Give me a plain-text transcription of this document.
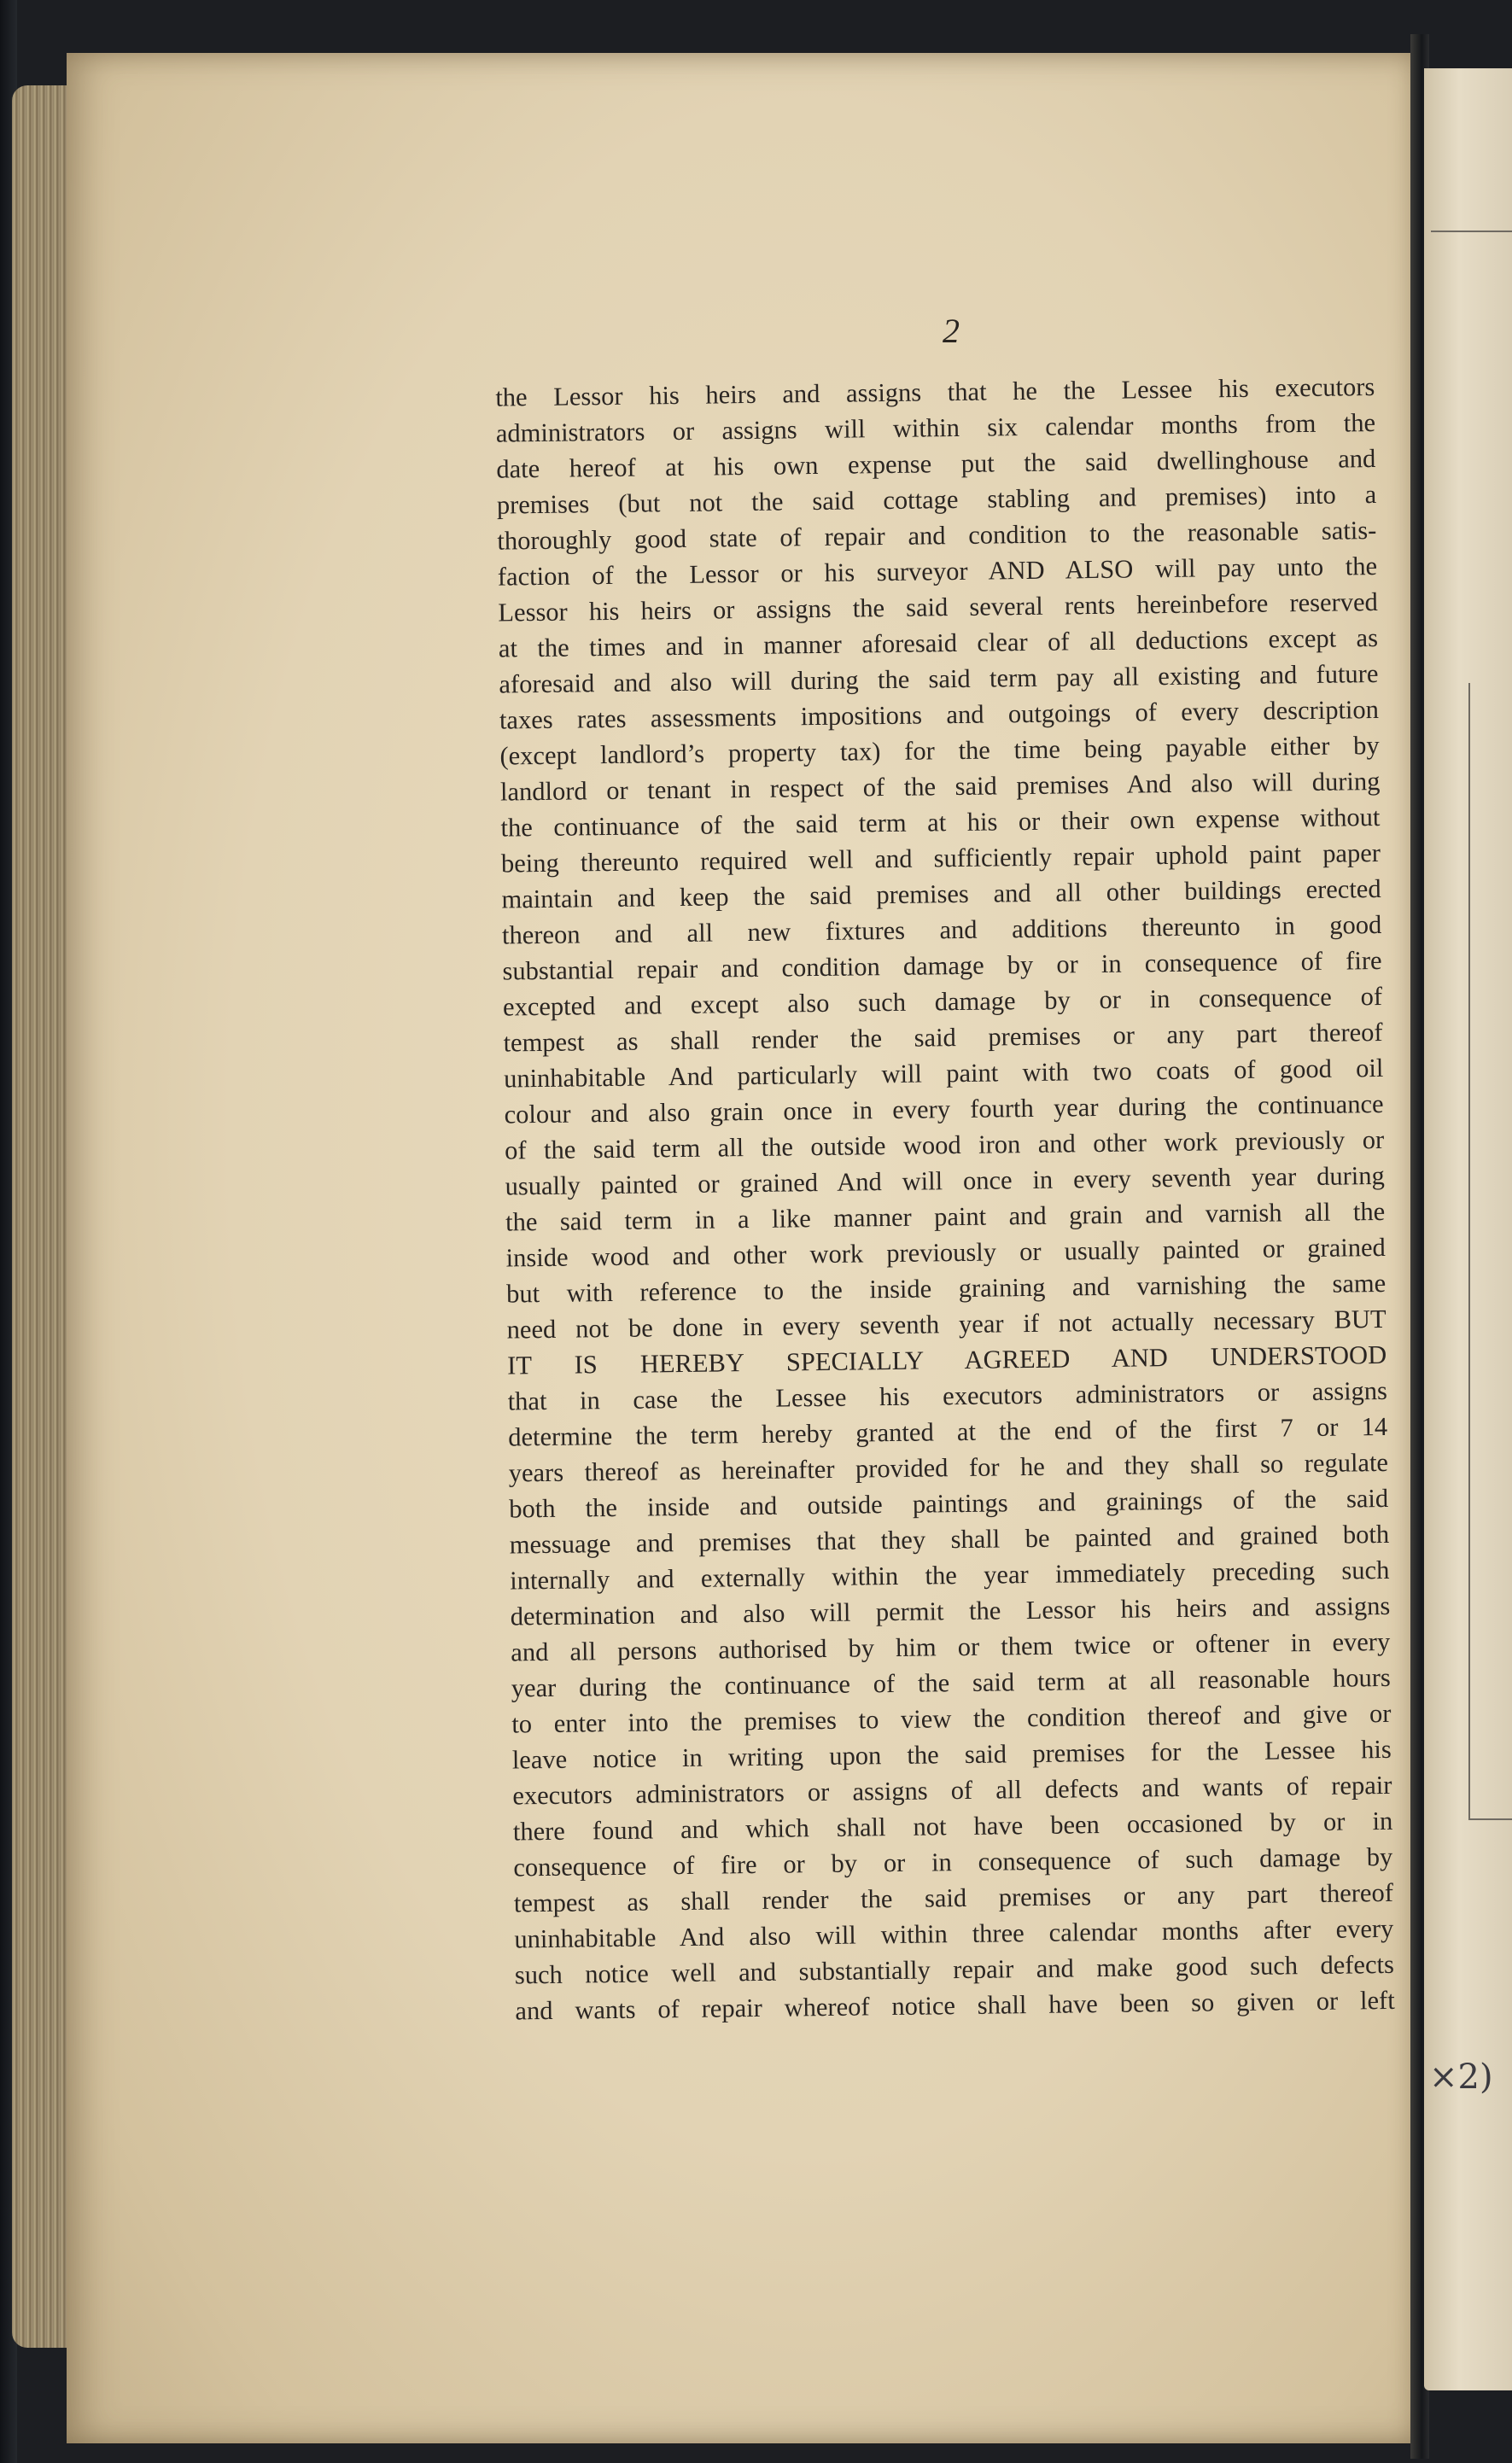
2
the Lessor his heirs and assigns that he the Lessee his executors
administrators or assigns will within six calendar months from the
date hereof at his own expense put the said dwellinghouse and
premises (but not the said cottage stabling and premises) into a
thoroughly good state of repair and condition to the reasonable satis-
faction of the Lessor or his surveyor AND ALSO will pay unto the
Lessor his heirs or assigns the said several rents hereinbefore reserved
at the times and in manner aforesaid clear of all deductions except as
aforesaid and also will during the said term pay all existing and future
taxes rates assessments impositions and outgoings of every description
(except landlord’s property tax) for the time being payable either by
landlord or tenant in respect of the said premises And also will during
the continuance of the said term at his or their own expense without
being thereunto required well and sufficiently repair uphold paint paper
maintain and keep the said premises and all other buildings erected
thereon and all new fixtures and additions thereunto in good
substantial repair and condition damage by or in consequence of fire
excepted and except also such damage by or in consequence of
tempest as shall render the said premises or any part thereof
uninhabitable And particularly will paint with two coats of good oil
colour and also grain once in every fourth year during the continuance
of the said term all the outside wood iron and other work previously or
usually painted or grained And will once in every seventh year during
the said term in a like manner paint and grain and varnish all the
inside wood and other work previously or usually painted or grained
but with reference to the inside graining and varnishing the same
need not be done in every seventh year if not actually necessary BUT
IT IS HEREBY SPECIALLY AGREED AND UNDERSTOOD
that in case the Lessee his executors administrators or assigns
determine the term hereby granted at the end of the first 7 or 14
years thereof as hereinafter provided for he and they shall so regulate
both the inside and outside paintings and grainings of the said
messuage and premises that they shall be painted and grained both
internally and externally within the year immediately preceding such
determination and also will permit the Lessor his heirs and assigns
and all persons authorised by him or them twice or oftener in every
year during the continuance of the said term at all reasonable hours
to enter into the premises to view the condition thereof and give or
leave notice in writing upon the said premises for the Lessee his
executors administrators or assigns of all defects and wants of repair
there found and which shall not have been occasioned by or in
consequence of fire or by or in consequence of such damage by
tempest as shall render the said premises or any part thereof
uninhabitable And also will within three calendar months after every
such notice well and substantially repair and make good such defects
and wants of repair whereof notice shall have been so given or left
×2)
